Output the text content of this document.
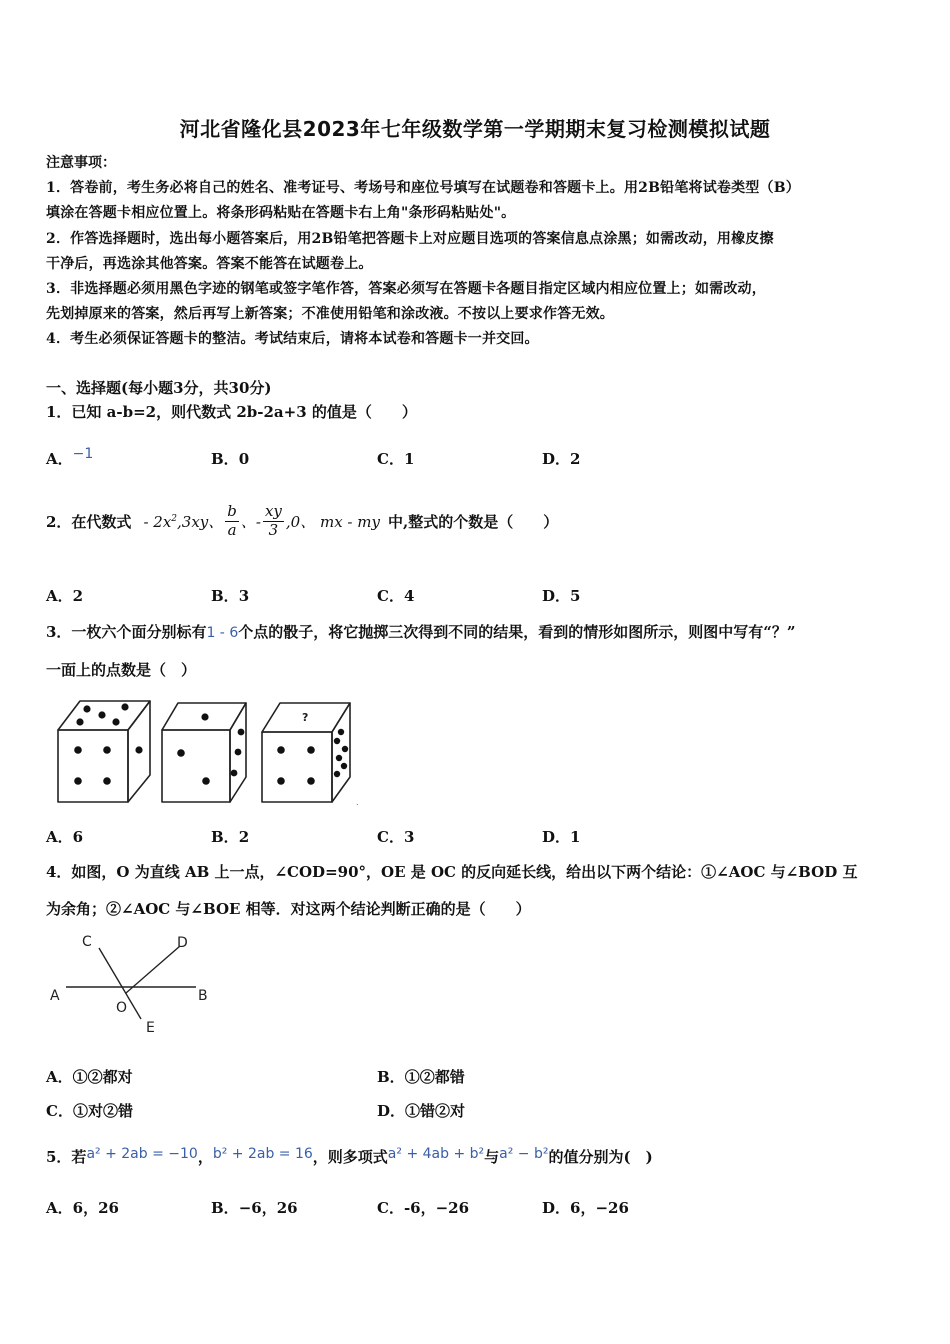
河北省隆化县2023年七年级数学第一学期期末复习检测模拟试题
注意事项：
1．答卷前，考生务必将自己的姓名、准考证号、考场号和座位号填写在试题卷和答题卡上。用2B铅笔将试卷类型（B）
填涂在答题卡相应位置上。将条形码粘贴在答题卡右上角"条形码粘贴处"。
2．作答选择题时，选出每小题答案后，用2B铅笔把答题卡上对应题目选项的答案信息点涂黑；如需改动，用橡皮擦
干净后，再选涂其他答案。答案不能答在试题卷上。
3．非选择题必须用黑色字迹的钢笔或签字笔作答，答案必须写在答题卡各题目指定区域内相应位置上；如需改动，
先划掉原来的答案，然后再写上新答案；不准使用铅笔和涂改液。不按以上要求作答无效。
4．考生必须保证答题卡的整洁。考试结束后，请将本试卷和答题卡一并交回。
一、选择题(每小题3分，共30分)
1．已知 a-b=2，则代数式 2b-2a+3 的值是（　　）
A．−1	B．0	C．1	D．2
2．在代数式 - $2x^2,3xy$、 $\frac{b}{a}$ 、- $\frac{xy}{3} ,0$、 mx - my 中,整式的个数是（　　）
A．2	B．3	C．4	D．5
3．一枚六个面分别标有1 - 6个点的骰子，将它抛掷三次得到不同的结果，看到的情形如图所示，则图中写有“？”
一面上的点数是（　）
?
.
A．6	B．2	C．3	D．1
4．如图，O 为直线 AB 上一点，∠COD=90°，OE 是 OC 的反向延长线，给出以下两个结论：①∠AOC 与∠BOD 互
为余角；②∠AOC 与∠BOE 相等．对这两个结论判断正确的是（　　）
A	B
C	D
O
E
A．①②都对	B．①②都错
C．①对②错	D．①错②对
5．若a² + 2ab = −10，b² + 2ab = 16，则多项式a² + 4ab + b²与a² − b²的值分别为(　)
A．6，26	B．−6，26	C．-6，−26	D．6，−26
